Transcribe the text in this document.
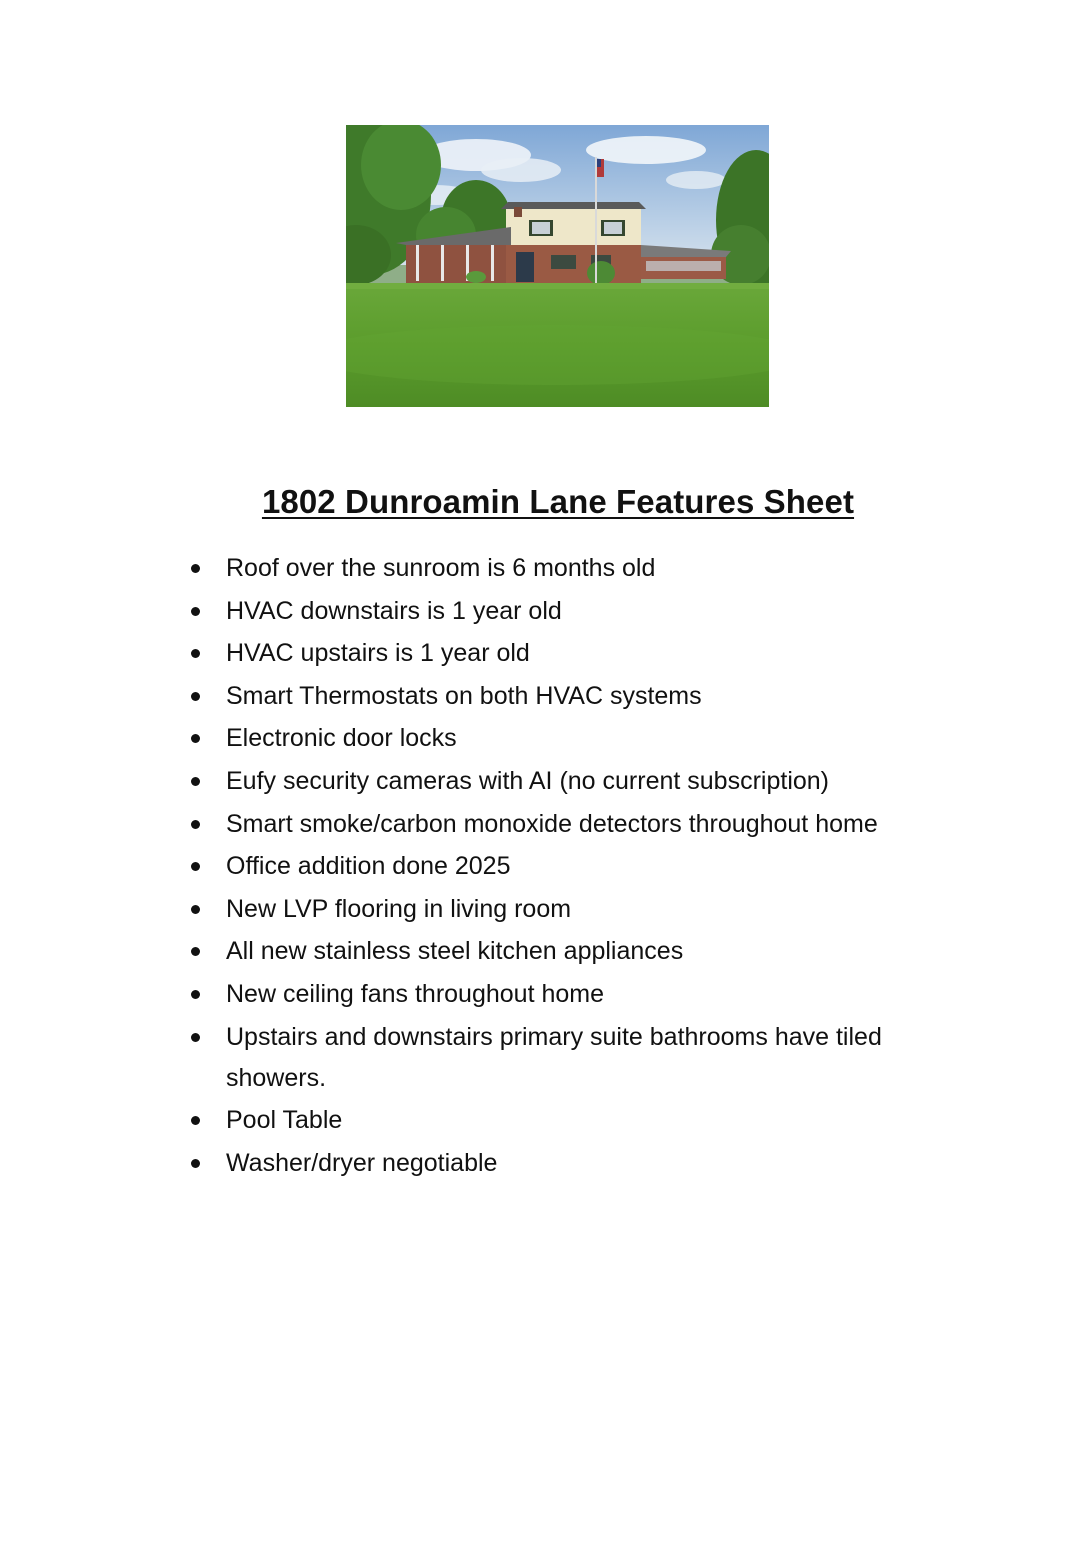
1802 Dunroamin Lane Features Sheet
Roof over the sunroom is 6 months old
HVAC downstairs is 1 year old
HVAC upstairs is 1 year old
Smart Thermostats on both HVAC systems
Electronic door locks
Eufy security cameras with AI (no current subscription)
Smart smoke/carbon monoxide detectors throughout home
Office addition done 2025
New LVP flooring in living room
All new stainless steel kitchen appliances
New ceiling fans throughout home
Upstairs and downstairs primary suite bathrooms have tiled showers.
Pool Table
Washer/dryer negotiable
